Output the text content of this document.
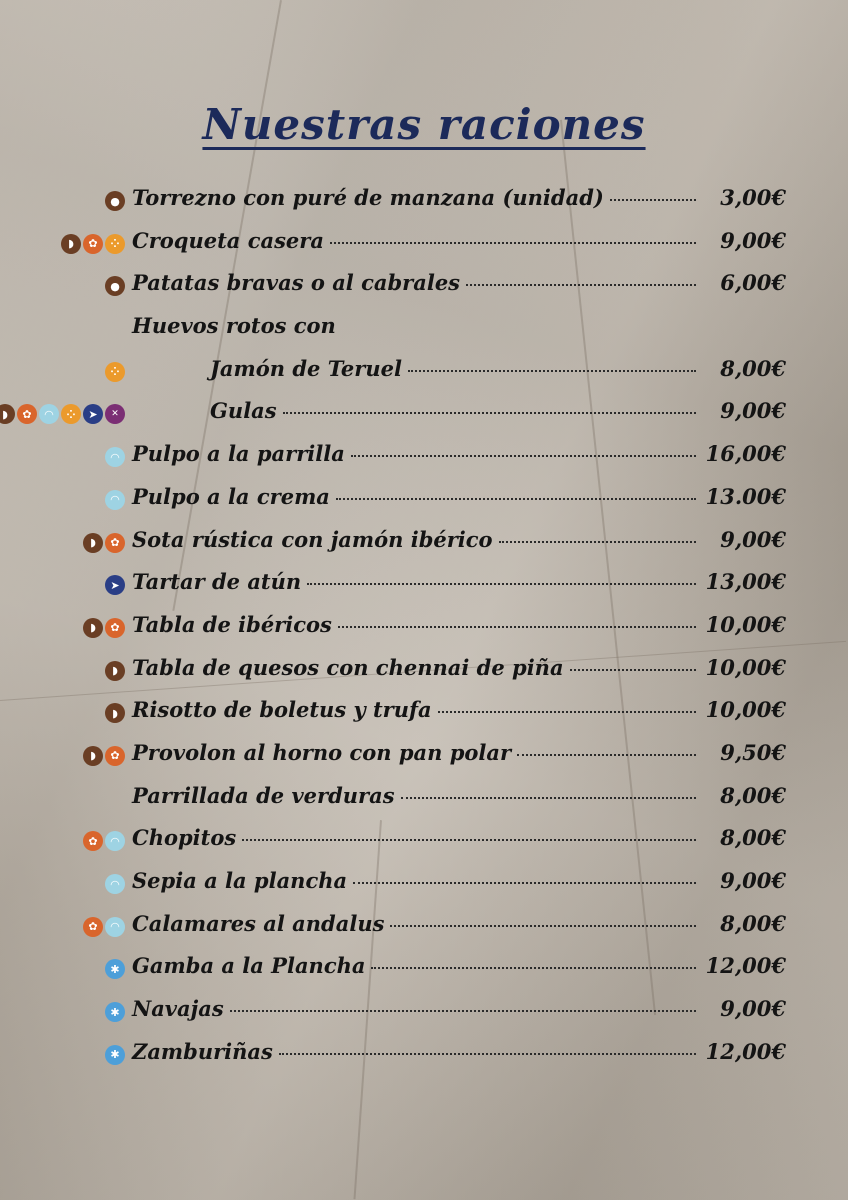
Nuestras raciones
● Torrezno con puré de manzana (unidad)	3,00€
◗	✿	⁘ Croqueta casera	9,00€
● Patatas bravas o al cabrales	6,00€
Huevos rotos con
⁘	Jamón de Teruel	8,00€
◗	✿	◠	⁘	➤	✕	Gulas	9,00€
◠ Pulpo a la parrilla	16,00€
◠ Pulpo a la crema	13.00€
◗	✿ Sota rústica con jamón ibérico	9,00€
➤ Tartar de atún	13,00€
◗	✿ Tabla de ibéricos	10,00€
◗ Tabla de quesos con chennai de piña	10,00€
◗ Risotto de boletus y trufa	10,00€
◗	✿ Provolon al horno con pan polar	9,50€
Parrillada de verduras	8,00€
✿	◠ Chopitos	8,00€
◠ Sepia a la plancha	9,00€
✿	◠ Calamares al andalus	8,00€
✱ Gamba a la Plancha	12,00€
✱ Navajas	9,00€
✱ Zamburiñas	12,00€
